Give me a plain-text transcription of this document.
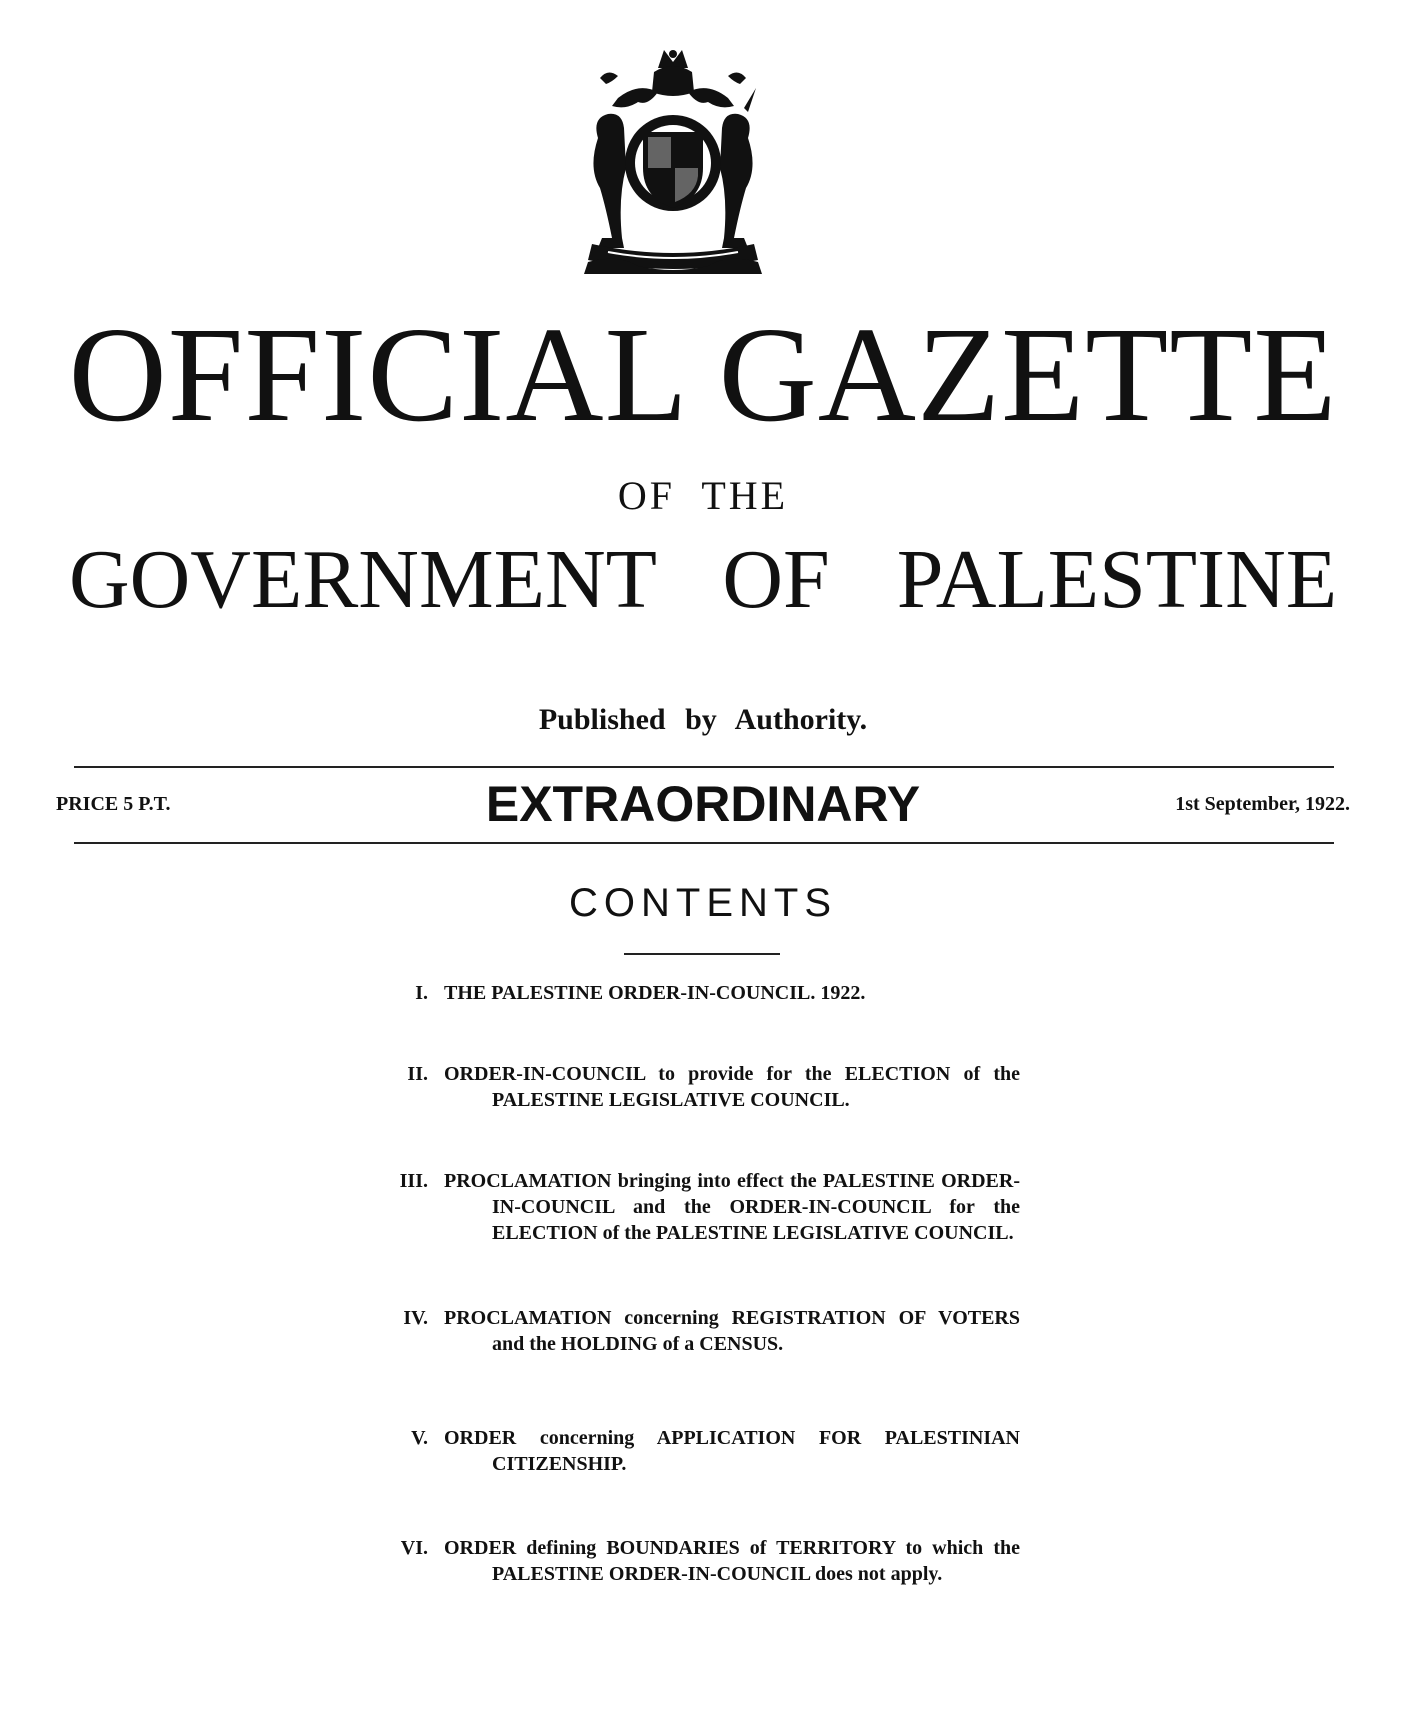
OFFICIAL GAZETTE
OF THE
GOVERNMENT OF PALESTINE
Published by Authority.
PRICE 5 P.T.	EXTRAORDINARY	1st September, 1922.
CONTENTS
I. THE PALESTINE ORDER-IN-COUNCIL. 1922.
II. ORDER-IN-COUNCIL to provide for the ELECTION of the PALESTINE LEGISLATIVE COUNCIL.
III. PROCLAMATION bringing into effect the PALESTINE ORDER-IN-COUNCIL and the ORDER-IN-COUNCIL for the ELECTION of the PALESTINE LEGISLATIVE COUNCIL.
IV. PROCLAMATION concerning REGISTRATION OF VOTERS and the HOLDING of a CENSUS.
V. ORDER concerning APPLICATION FOR PALESTINIAN CITIZENSHIP.
VI. ORDER defining BOUNDARIES of TERRITORY to which the PALESTINE ORDER-IN-COUNCIL does not apply.
